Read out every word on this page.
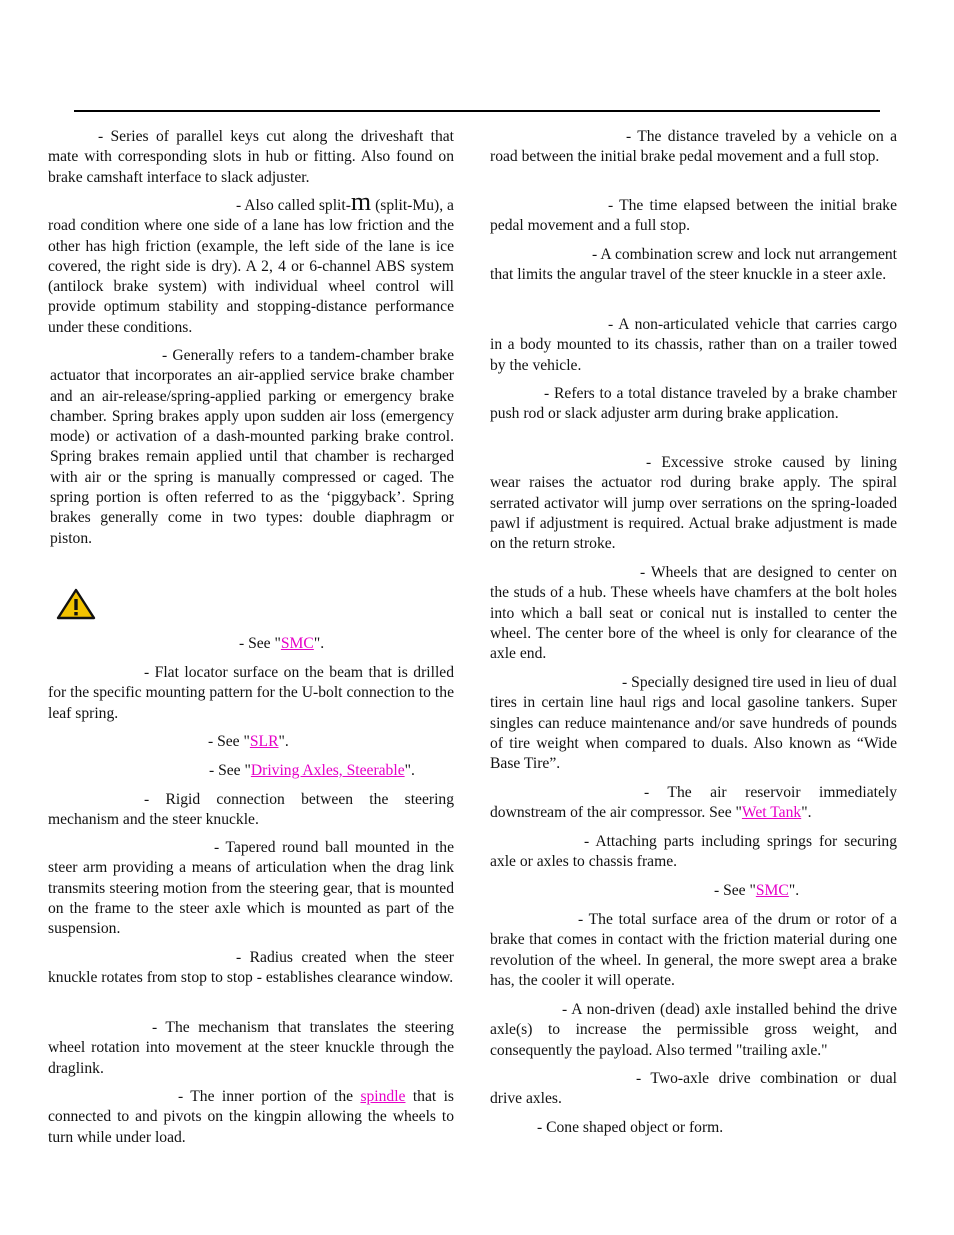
- Series of parallel keys cut along the driveshaft that mate with corresponding slots in hub or fitting. Also found on brake camshaft interface to slack adjuster.

- Also called split-m (split-Mu), a road condition where one side of a lane has low friction and the other has high friction (example, the left side of the lane is ice covered, the right side is dry). A 2, 4 or 6-channel ABS system (antilock brake system) with individual wheel control will provide optimum stability and stopping-distance performance under these conditions.

- Generally refers to a tandem-chamber brake actuator that incorporates an air-applied service brake chamber and an air-release/spring-applied parking or emergency brake chamber. Spring brakes apply upon sudden air loss (emergency mode) or activation of a dash-mounted parking brake control. Spring brakes remain applied until that chamber is recharged with air or the spring is manually compressed or caged. The spring portion is often referred to as the ‘piggyback’. Spring brakes generally come in two types: double diaphragm or piston.

- See "SMC".

- Flat locator surface on the beam that is drilled for the specific mounting pattern for the U-bolt connection to the leaf spring.

- See "SLR".

- See "Driving Axles, Steerable".

- Rigid connection between the steering mechanism and the steer knuckle.

- Tapered round ball mounted in the steer arm providing a means of articulation when the drag link transmits steering motion from the steering gear, that is mounted on the frame to the steer axle which is mounted as part of the suspension.

- Radius created when the steer knuckle rotates from stop to stop - establishes clearance window.

- The mechanism that translates the steering wheel rotation into movement at the steer knuckle through the draglink.

- The inner portion of the spindle that is connected to and pivots on the kingpin allowing the wheels to turn while under load.

- The distance traveled by a vehicle on a road between the initial brake pedal movement and a full stop.

- The time elapsed between the initial brake pedal movement and a full stop.

- A combination screw and lock nut arrangement that limits the angular travel of the steer knuckle in a steer axle.

- A non-articulated vehicle that carries cargo in a body mounted to its chassis, rather than on a trailer towed by the vehicle.

- Refers to a total distance traveled by a brake chamber push rod or slack adjuster arm during brake application.

- Excessive stroke caused by lining wear raises the actuator rod during brake apply. The spiral serrated activator will jump over serrations on the spring-loaded pawl if adjustment is required. Actual brake adjustment is made on the return stroke.

- Wheels that are designed to center on the studs of a hub. These wheels have chamfers at the bolt holes into which a ball seat or conical nut is installed to center the wheel. The center bore of the wheel is only for clearance of the axle end.

- Specially designed tire used in lieu of dual tires in certain line haul rigs and local gasoline tankers. Super singles can reduce maintenance and/or save hundreds of pounds of tire weight when compared to duals. Also known as “Wide Base Tire”.

- The air reservoir immediately downstream of the air compressor. See "Wet Tank".

- Attaching parts including springs for securing axle or axles to chassis frame.

- See "SMC".

- The total surface area of the drum or rotor of a brake that comes in contact with the friction material during one revolution of the wheel. In general, the more swept area a brake has, the cooler it will operate.

- A non-driven (dead) axle installed behind the drive axle(s) to increase the permissible gross weight, and consequently the payload. Also termed "trailing axle."

- Two-axle drive combination or dual drive axles.

- Cone shaped object or form.
